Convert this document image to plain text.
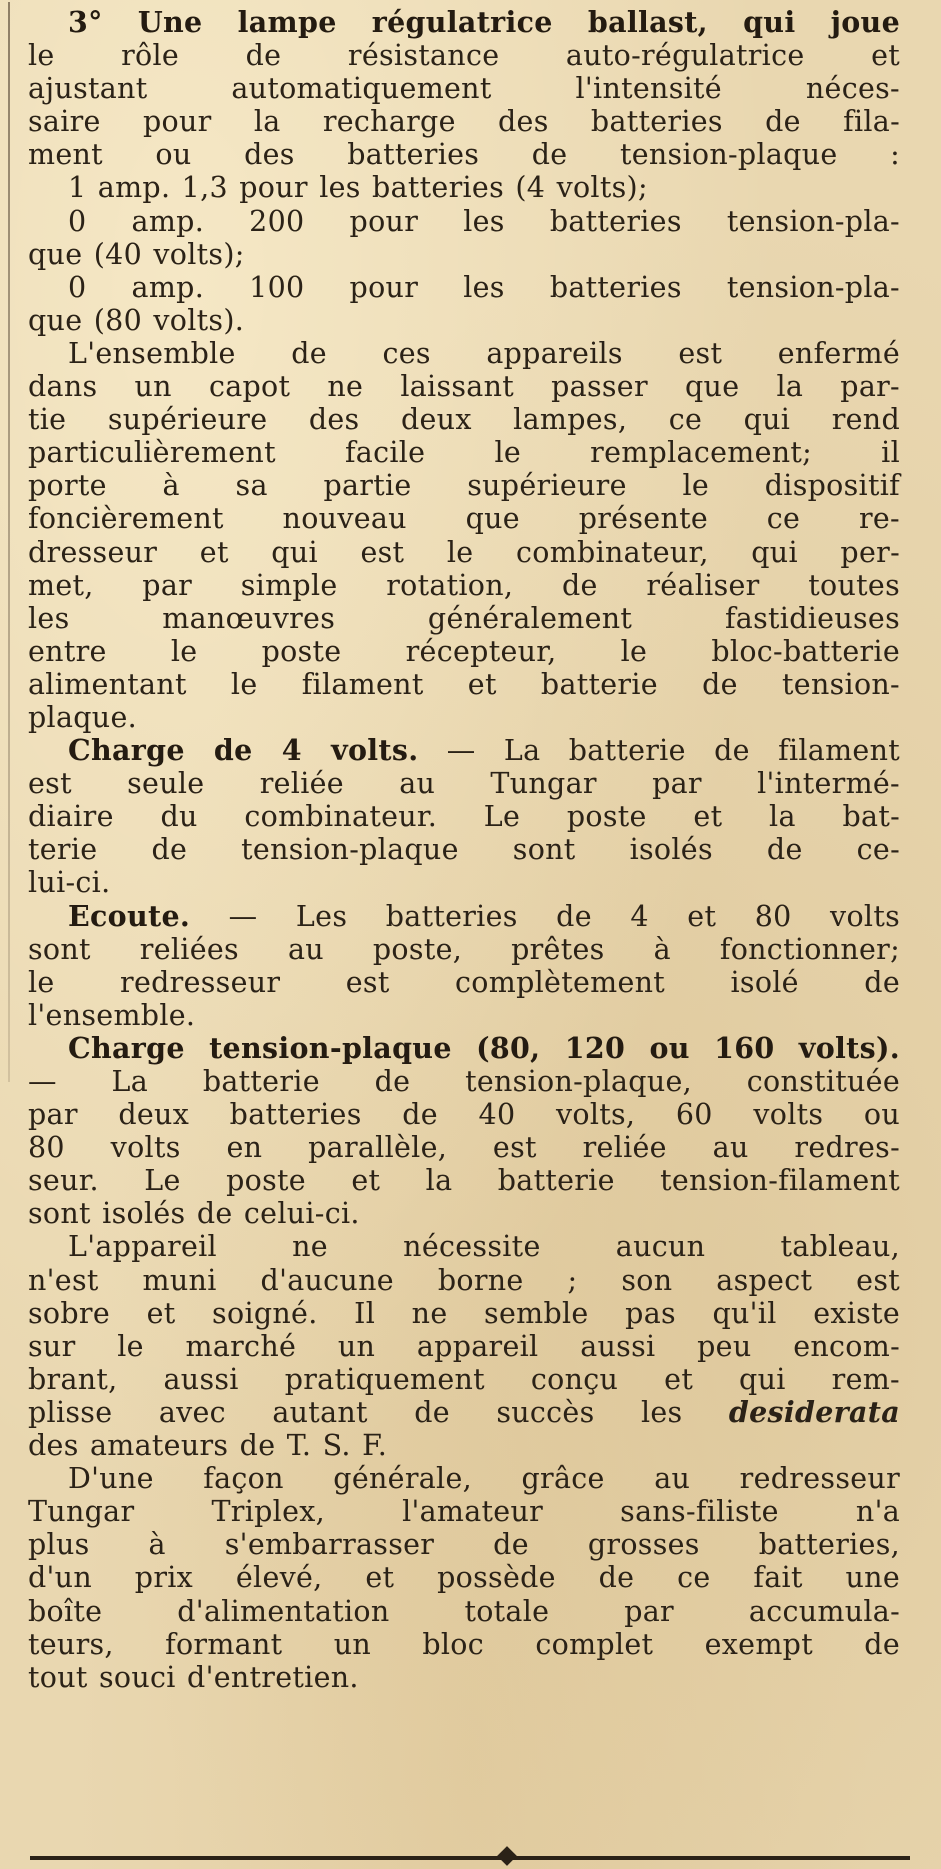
3° Une lampe régulatrice ballast, qui joue
le rôle de résistance auto-régulatrice et
ajustant automatiquement l'intensité néces-
saire pour la recharge des batteries de fila-
ment ou des batteries de tension-plaque :
1 amp. 1,3 pour les batteries (4 volts);
0 amp. 200 pour les batteries tension-pla-
que (40 volts);
0 amp. 100 pour les batteries tension-pla-
que (80 volts).
L'ensemble de ces appareils est enfermé
dans un capot ne laissant passer que la par-
tie supérieure des deux lampes, ce qui rend
particulièrement facile le remplacement; il
porte à sa partie supérieure le dispositif
foncièrement nouveau que présente ce re-
dresseur et qui est le combinateur, qui per-
met, par simple rotation, de réaliser toutes
les manœuvres généralement fastidieuses
entre le poste récepteur, le bloc-batterie
alimentant le filament et batterie de tension-
plaque.
Charge de 4 volts. — La batterie de filament
est seule reliée au Tungar par l'intermé-
diaire du combinateur. Le poste et la bat-
terie de tension-plaque sont isolés de ce-
lui-ci.
Ecoute. — Les batteries de 4 et 80 volts
sont reliées au poste, prêtes à fonctionner;
le redresseur est complètement isolé de
l'ensemble.
Charge tension-plaque (80, 120 ou 160 volts).
— La batterie de tension-plaque, constituée
par deux batteries de 40 volts, 60 volts ou
80 volts en parallèle, est reliée au redres-
seur. Le poste et la batterie tension-filament
sont isolés de celui-ci.
L'appareil ne nécessite aucun tableau,
n'est muni d'aucune borne ; son aspect est
sobre et soigné. Il ne semble pas qu'il existe
sur le marché un appareil aussi peu encom-
brant, aussi pratiquement conçu et qui rem-
plisse avec autant de succès les desiderata
des amateurs de T. S. F.
D'une façon générale, grâce au redresseur
Tungar Triplex, l'amateur sans-filiste n'a
plus à s'embarrasser de grosses batteries,
d'un prix élevé, et possède de ce fait une
boîte d'alimentation totale par accumula-
teurs, formant un bloc complet exempt de
tout souci d'entretien.
